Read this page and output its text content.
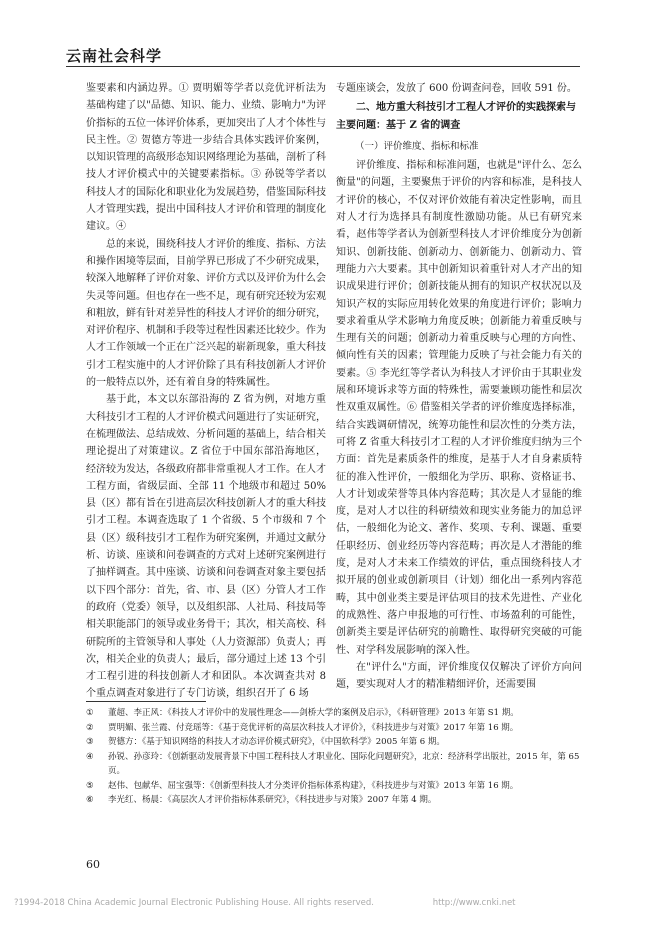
云南社会科学

鉴要素和内涵边界。① 贾明媚等学者以竞优评析法为基础构建了以"品德、知识、能力、业绩、影响力"为评价指标的五位一体评价体系，更加突出了人才个体性与民主性。② 贺德方等进一步结合具体实践评价案例，以知识管理的高级形态知识网络理论为基础，剖析了科技人才评价模式中的关键要素指标。③ 孙锐等学者以科技人才的国际化和职业化为发展趋势，借鉴国际科技人才管理实践，提出中国科技人才评价和管理的制度化建议。④

总的来说，围绕科技人才评价的维度、指标、方法和操作困境等层面，目前学界已形成了不少研究成果，较深入地解释了评价对象、评价方式以及评价为什么会失灵等问题。但也存在一些不足，现有研究还较为宏观和粗放，鲜有针对差异性的科技人才评价的细分研究，对评价程序、机制和手段等过程性因素还比较少。作为人才工作领域一个正在广泛兴起的崭新现象，重大科技引才工程实施中的人才评价除了具有科技创新人才评价的一般特点以外，还有着自身的特殊属性。

基于此，本文以东部沿海的 Z 省为例，对地方重大科技引才工程的人才评价模式问题进行了实证研究，在梳理做法、总结成效、分析问题的基础上，结合相关理论提出了对策建议。Z 省位于中国东部沿海地区，经济较为发达，各级政府都非常重视人才工作。在人才工程方面，省级层面、全部 11 个地级市和超过 50% 县（区）都有旨在引进高层次科技创新人才的重大科技引才工程。本调查选取了 1 个省级、5 个市级和 7 个县（区）级科技引才工程作为研究案例，并通过文献分析、访谈、座谈和问卷调查的方式对上述研究案例进行了抽样调查。其中座谈、访谈和问卷调查对象主要包括以下四个部分：首先，省、市、县（区）分管人才工作的政府（党委）领导，以及组织部、人社局、科技局等相关职能部门的领导或业务骨干；其次，相关高校、科研院所的主管领导和人事处（人力资源部）负责人；再次，相关企业的负责人；最后，部分通过上述 13 个引才工程引进的科技创新人才和团队。本次调查共对 8 个重点调查对象进行了专门访谈，组织召开了 6 场

专题座谈会，发放了 600 份调查问卷，回收 591 份。

二、地方重大科技引才工程人才评价的实践探索与主要问题：基于 Z 省的调查
（一）评价维度、指标和标准

评价维度、指标和标准问题，也就是"评什么、怎么衡量"的问题，主要聚焦于评价的内容和标准，是科技人才评价的核心，不仅对评价效能有着决定性影响，而且对人才行为选择具有制度性激励功能。从已有研究来看，赵伟等学者认为创新型科技人才评价维度分为创新知识、创新技能、创新动力、创新能力、创新动力、管理能力六大要素。其中创新知识着重针对人才产出的知识成果进行评价；创新技能从拥有的知识产权状况以及知识产权的实际应用转化效果的角度进行评价；影响力要求着重从学术影响力角度反映；创新能力着重反映与生理有关的问题；创新动力着重反映与心理的方向性、倾向性有关的因素；管理能力反映了与社会能力有关的要素。⑤ 李光红等学者认为科技人才评价由于其职业发展和环境诉求等方面的特殊性，需要兼顾功能性和层次性双重双属性。⑥ 借鉴相关学者的评价维度选择标准，结合实践调研情况，统筹功能性和层次性的分类方法，可将 Z 省重大科技引才工程的人才评价维度归纳为三个方面：首先是素质条件的维度，是基于人才自身素质特征的准入性评价，一般细化为学历、职称、资格证书、人才计划或荣誉等具体内容范畴；其次是人才显能的维度，是对人才以往的科研绩效和现实业务能力的加总评估，一般细化为论文、著作、奖项、专利、课题、重要任职经历、创业经历等内容范畴；再次是人才潜能的维度，是对人才未来工作绩效的评估，重点围绕科技人才拟开展的创业或创新项目（计划）细化出一系列内容范畴，其中创业类主要是评估项目的技术先进性、产业化的成熟性、落户申报地的可行性、市场盈利的可能性，创新类主要是评估研究的前瞻性、取得研究突破的可能性、对学科发展影响的深入性。

在"评什么"方面，评价维度仅仅解决了评价方向问题，要实现对人才的精准精细评价，还需要围

①	董超、李正风：《科技人才评价中的发展性理念——剑桥大学的案例及启示》，《科研管理》2013 年第 S1 期。
②	贾明媚、张兰霞、付竞瑶等：《基于竞优评析的高层次科技人才评价》，《科技进步与对策》2017 年第 16 期。
③	贺德方：《基于知识网络的科技人才动态评价模式研究》，《中国软科学》2005 年第 6 期。
④	孙锐、孙彦玲：《创新驱动发展背景下中国工程科技人才职业化、国际化问题研究》，北京：经济科学出版社，2015 年，第 65 页。
⑤	赵伟、包献华、屈宝强等：《创新型科技人才分类评价指标体系构建》，《科技进步与对策》2013 年第 16 期。
⑥	李光红、杨晨：《高层次人才评价指标体系研究》，《科技进步与对策》2007 年第 4 期。
60
?1994-2018 China Academic Journal Electronic Publishing House. All rights reserved.	http://www.cnki.net
